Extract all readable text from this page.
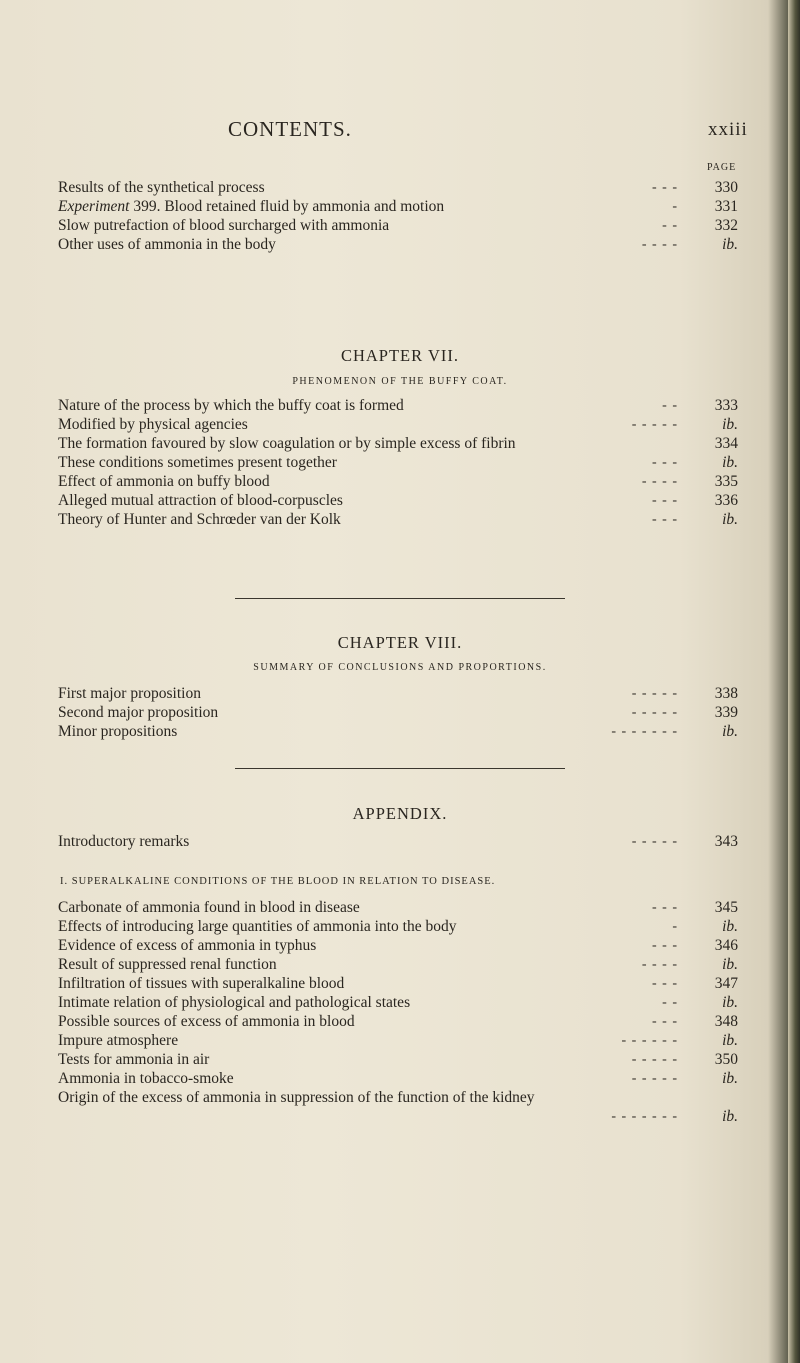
CONTENTS.	xxiii
PAGE
Results of the synthetical process	- - -	330
Experiment 399. Blood retained fluid by ammonia and motion	-	331
Slow putrefaction of blood surcharged with ammonia	- -	332
Other uses of ammonia in the body	- - - -	ib.
CHAPTER VII.
PHENOMENON OF THE BUFFY COAT.
Nature of the process by which the buffy coat is formed	- -	333
Modified by physical agencies	- - - - -	ib.
The formation favoured by slow coagulation or by simple excess of fibrin	334
These conditions sometimes present together	- - -	ib.
Effect of ammonia on buffy blood	- - - -	335
Alleged mutual attraction of blood-corpuscles	- - -	336
Theory of Hunter and Schrœder van der Kolk	- - -	ib.
CHAPTER VIII.
SUMMARY OF CONCLUSIONS AND PROPORTIONS.
First major proposition	- - - - -	338
Second major proposition	- - - - -	339
Minor propositions	- - - - - - -	ib.
APPENDIX.
Introductory remarks	- - - - -	343
I. SUPERALKALINE CONDITIONS OF THE BLOOD IN RELATION TO DISEASE.
Carbonate of ammonia found in blood in disease	- - -	345
Effects of introducing large quantities of ammonia into the body	-	ib.
Evidence of excess of ammonia in typhus	- - -	346
Result of suppressed renal function	- - - -	ib.
Infiltration of tissues with superalkaline blood	- - -	347
Intimate relation of physiological and pathological states	- -	ib.
Possible sources of excess of ammonia in blood	- - -	348
Impure atmosphere	- - - - - -	ib.
Tests for ammonia in air	- - - - -	350
Ammonia in tobacco-smoke	- - - - -	ib.
Origin of the excess of ammonia in suppression of the function of the kidney
- - - - - - -	ib.
